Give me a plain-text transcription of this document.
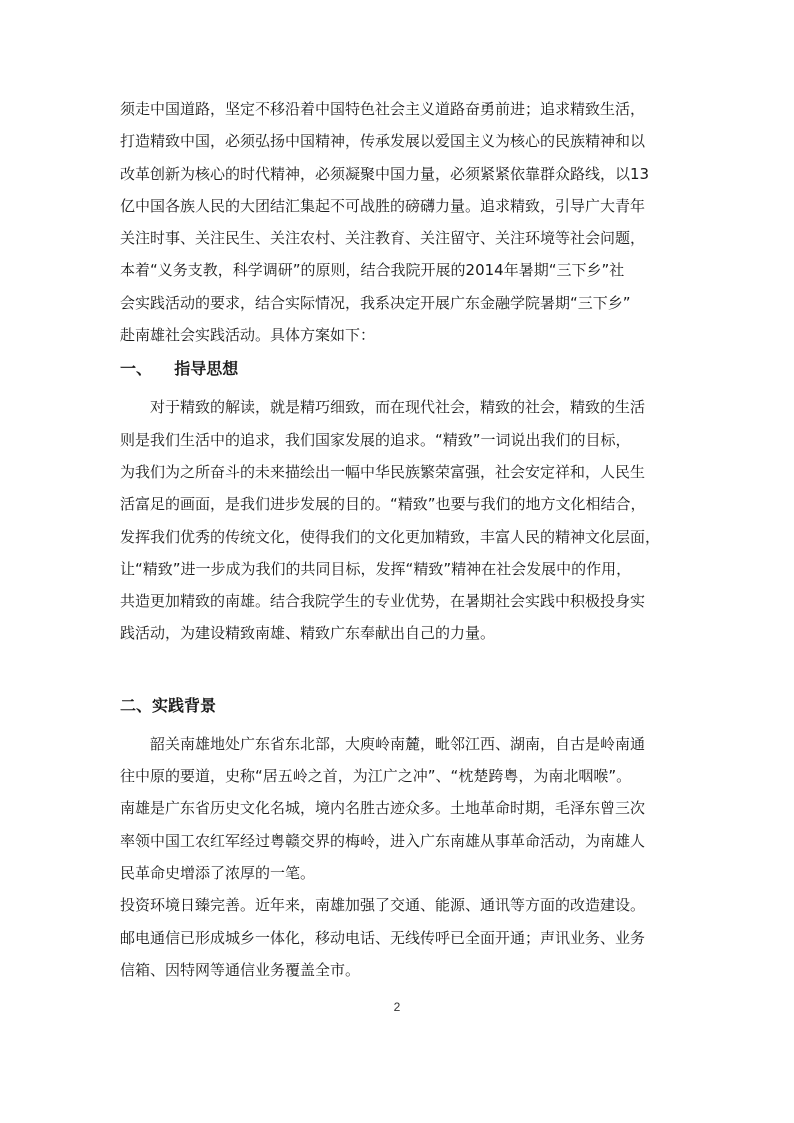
须走中国道路，坚定不移沿着中国特色社会主义道路奋勇前进；追求精致生活，
打造精致中国，必须弘扬中国精神，传承发展以爱国主义为核心的民族精神和以
改革创新为核心的时代精神，必须凝聚中国力量，必须紧紧依靠群众路线，以13
亿中国各族人民的大团结汇集起不可战胜的磅礴力量。追求精致，引导广大青年
关注时事、关注民生、关注农村、关注教育、关注留守、关注环境等社会问题，
本着“义务支教，科学调研”的原则，结合我院开展的2014年暑期“三下乡”社
会实践活动的要求，结合实际情况，我系决定开展广东金融学院暑期“三下乡”
赴南雄社会实践活动。具体方案如下：
一、    指导思想
对于精致的解读，就是精巧细致，而在现代社会，精致的社会，精致的生活
则是我们生活中的追求，我们国家发展的追求。“精致”一词说出我们的目标，
为我们为之所奋斗的未来描绘出一幅中华民族繁荣富强，社会安定祥和，人民生
活富足的画面，是我们进步发展的目的。“精致”也要与我们的地方文化相结合，
发挥我们优秀的传统文化，使得我们的文化更加精致，丰富人民的精神文化层面，
让“精致”进一步成为我们的共同目标，发挥“精致”精神在社会发展中的作用，
共造更加精致的南雄。结合我院学生的专业优势，在暑期社会实践中积极投身实
践活动，为建设精致南雄、精致广东奉献出自己的力量。
二、实践背景
韶关南雄地处广东省东北部，大庾岭南麓，毗邻江西、湖南，自古是岭南通
往中原的要道，史称“居五岭之首，为江广之冲”、“枕楚跨粤，为南北咽喉”。
南雄是广东省历史文化名城，境内名胜古迹众多。土地革命时期，毛泽东曾三次
率领中国工农红军经过粤赣交界的梅岭，进入广东南雄从事革命活动，为南雄人
民革命史增添了浓厚的一笔。
投资环境日臻完善。近年来，南雄加强了交通、能源、通讯等方面的改造建设。
邮电通信已形成城乡一体化，移动电话、无线传呼已全面开通；声讯业务、业务
信箱、因特网等通信业务覆盖全市。
2
